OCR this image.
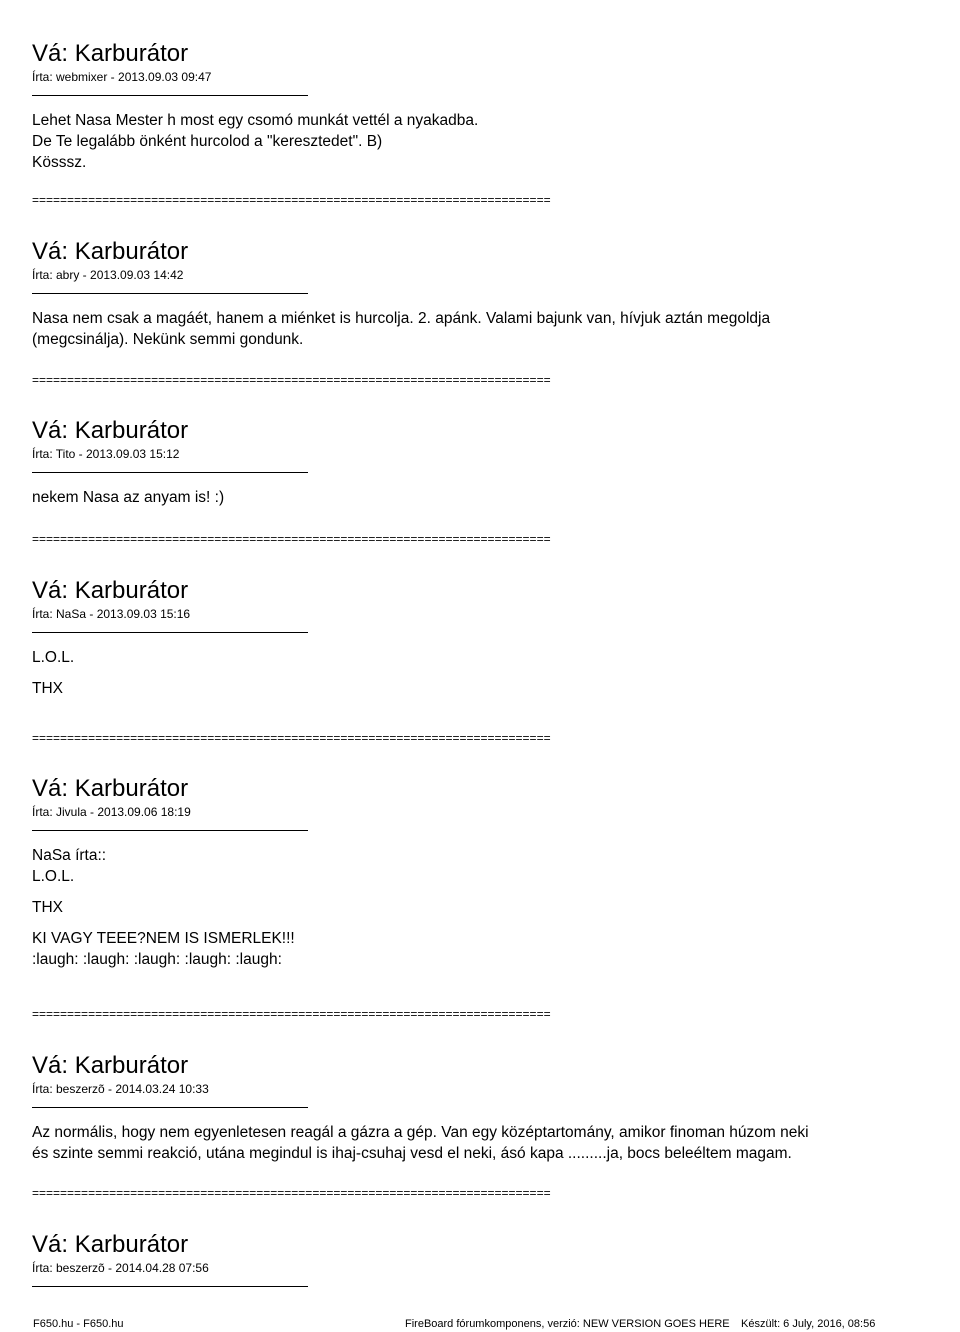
Vá: Karburátor
Írta: webmixer - 2013.09.03 09:47

Lehet Nasa Mester h most egy csomó munkát vettél a nyakadba.

De Te legalább önként hurcolod a "keresztedet". B)

Kösssz.

==========================================================================
Vá: Karburátor
Írta: abry - 2013.09.03 14:42

Nasa nem csak a magáét, hanem a miénket is hurcolja. 2. apánk. Valami bajunk van, hívjuk aztán megoldja

(megcsinálja). Nekünk semmi gondunk.

==========================================================================
Vá: Karburátor
Írta: Tito - 2013.09.03 15:12

nekem Nasa az anyam is! :)

==========================================================================
Vá: Karburátor
Írta: NaSa - 2013.09.03 15:16

L.O.L.

THX

==========================================================================
Vá: Karburátor
Írta: Jivula - 2013.09.06 18:19

NaSa írta::

L.O.L.

THX

KI VAGY TEEE?NEM IS ISMERLEK!!!

:laugh: :laugh: :laugh: :laugh: :laugh:

==========================================================================
Vá: Karburátor
Írta: beszerzõ - 2014.03.24 10:33

Az normális, hogy nem egyenletesen reagál a gázra a gép. Van egy középtartomány, amikor finoman húzom neki

és szinte semmi reakció, utána megindul is ihaj-csuhaj vesd el neki, ásó kapa .........ja, bocs beleéltem magam.

==========================================================================
Vá: Karburátor
Írta: beszerzõ - 2014.04.28 07:56
F650.hu - F650.hu	FireBoard fórumkomponens, verzió: NEW VERSION GOES HERE Készült: 6 July, 2016, 08:56
